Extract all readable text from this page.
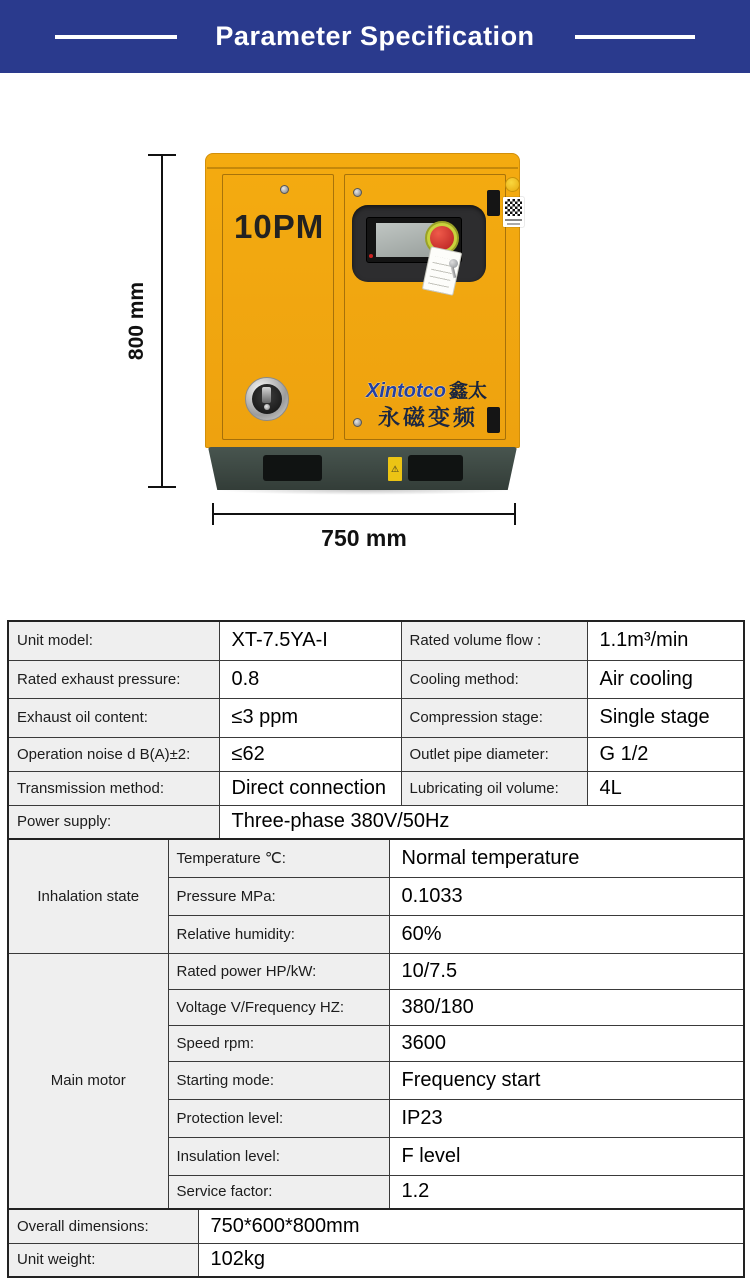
Parameter Specification
800 mm
750 mm
10PM
Xintotco 鑫太
永磁变频
⚠
Unit model:	XT-7.5YA-I	Rated volume flow :	1.1m³/min
Rated exhaust pressure:	0.8	Cooling method:	Air cooling
Exhaust oil content:	≤3 ppm	Compression stage:	Single stage
Operation noise d B(A)±2:	≤62	Outlet pipe diameter:	G 1/2
Transmission method:	Direct connection	Lubricating oil volume:	4L
Power supply:	Three-phase 380V/50Hz		
Inhalation state	Temperature ℃:	Normal temperature
	Pressure MPa:	0.1033
	Relative humidity:	60%
Main motor	Rated power HP/kW:	10/7.5
	Voltage V/Frequency HZ:	380/180
	Speed rpm:	3600
	Starting mode:	Frequency start
	Protection level:	IP23
	Insulation level:	F level
	Service factor:	1.2
Overall dimensions:	750*600*800mm
Unit weight:	102kg
